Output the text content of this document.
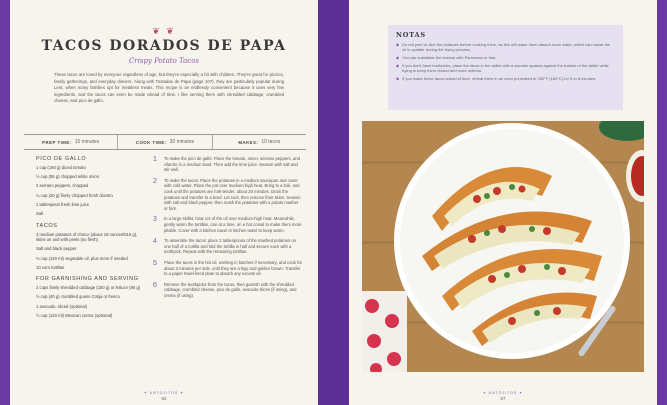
❦ ❦
TACOS DORADOS DE PAPA
Crispy Potato Tacos
These tacos are loved by everyone regardless of age, but they're especially a hit with children. They're great for picnics, family gatherings, and everyday dinners. Along with Tostadas de Papa (page 107), they are particularly popular during Lent, when many families opt for meatless meals. This recipe is an endlessly convenient because it uses very few ingredients, and the tacos can even be made ahead of time. I like serving them with shredded cabbage, crumbled cheese, and pico de gallo.
PREP TIME: 15 minutes	COOK TIME: 30 minutes	MAKES: 10 tacos
PICO DE GALLO
1 cup (180 g) diced tomato
½ cup (55 g) chopped white onion
2 serrano peppers, chopped
¼ cup (20 g) finely chopped fresh cilantro
1 tablespoon fresh lime juice
Salt
TACOS
3 medium potatoes of choice (about 18 ounces/510 g), skins on and with peels (no flesh)
Salt and black pepper
⅓ cup (120 ml) vegetable oil, plus more if needed
10 corn tortillas
FOR GARNISHING AND SERVING
2 cups finely shredded cabbage (150 g) or lettuce (90 g)
½ cup (40 g) crumbled queso Cotija or fresco
1 avocado, sliced (optional)
½ cup (120 ml) Mexican crema (optional)
1	To make the pico de gallo: Place the tomato, onion, serrano peppers, and cilantro in a medium bowl. Then add the lime juice. Season with salt and stir well.
2	To make the tacos: Place the potatoes in a medium saucepan and cover with cold water. Place the pot over medium-high heat. Bring to a boil, and cook until the potatoes are fork-tender, about 20 minutes. Drain the potatoes and transfer to a bowl. Let cool, then remove their skins. Season with salt and black pepper, then mash the potatoes with a potato masher or fork.
3	In a large skillet, heat 1/4 of the oil over medium-high heat. Meanwhile, gently warm the tortillas, one at a time, on a hot comal to make them more pliable. Cover with a kitchen towel or kitchen towel to keep warm.
4	To assemble the tacos: place 2 tablespoons of the mashed potatoes on one half of a tortilla and fold the tortilla in half and secure each with a toothpick. Repeat with the remaining tortillas.
5	Place the tacos in the hot oil, working in batches if necessary, and cook for about 3 minutes per side, until they are crispy and golden brown. Transfer to a paper towel-lined plate to absorb any excess oil.
6	Remove the toothpicks from the tacos, then garnish with the shredded cabbage, crumbled cheese, pico de gallo, avocado slices (if using), and crema (if using).
✦ ANTOJITOS ✦
64
NOTAS
◆ Do not peel or dice the potatoes before cooking them, as this will make them absorb more water, which can cause the oil to splatter during the frying process.
◆ You can substitute the cheese with Parmesan or feta.
◆ If you don't have toothpicks, place the tacos in the skillet with a wooden spatula against the bottom of the skillet while frying to keep them closed and more uniform.
◆ If you make these tacos ahead of time, reheat them in an oven preheated to 350°F (180°C) for 5 to 8 minutes.
✦ ANTOJITOS ✦
67
